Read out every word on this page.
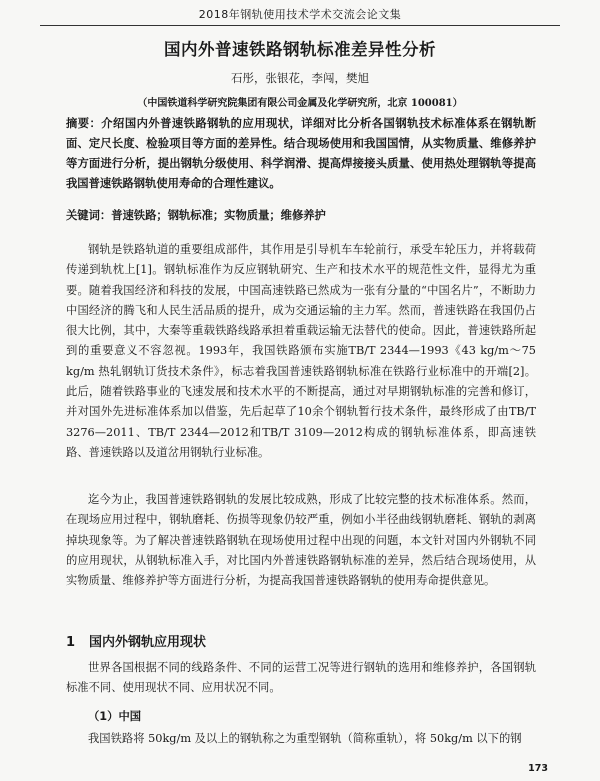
2018年钢轨使用技术学术交流会论文集
国内外普速铁路钢轨标准差异性分析
石彤，张银花，李闯，樊旭
（中国铁道科学研究院集团有限公司金属及化学研究所，北京 100081）
摘要：介绍国内外普速铁路钢轨的应用现状，详细对比分析各国钢轨技术标准体系在钢轨断面、定尺长度、检验项目等方面的差异性。结合现场使用和我国国情，从实物质量、维修养护等方面进行分析，提出钢轨分级使用、科学润滑、提高焊接接头质量、使用热处理钢轨等提高我国普速铁路钢轨使用寿命的合理性建议。
关键词：普速铁路；钢轨标准；实物质量；维修养护

钢轨是铁路轨道的重要组成部件，其作用是引导机车车轮前行，承受车轮压力，并将载荷传递到轨枕上[1]。钢轨标准作为反应钢轨研究、生产和技术水平的规范性文件，显得尤为重要。随着我国经济和科技的发展，中国高速铁路已然成为一张有分量的“中国名片”，不断助力中国经济的腾飞和人民生活品质的提升，成为交通运输的主力军。然而，普速铁路在我国仍占很大比例，其中，大秦等重载铁路线路承担着重载运输无法替代的使命。因此，普速铁路所起到的重要意义不容忽视。1993年，我国铁路颁布实施TB/T 2344—1993《43 kg/m～75 kg/m 热轧钢轨订货技术条件》，标志着我国普速铁路钢轨标准在铁路行业标准中的开端[2]。此后，随着铁路事业的飞速发展和技术水平的不断提高，通过对早期钢轨标准的完善和修订，并对国外先进标准体系加以借鉴，先后起草了10余个钢轨暂行技术条件，最终形成了由TB/T 3276—2011、TB/T 2344—2012和TB/T 3109—2012构成的钢轨标准体系，即高速铁路、普速铁路以及道岔用钢轨行业标准。

迄今为止，我国普速铁路钢轨的发展比较成熟，形成了比较完整的技术标准体系。然而，在现场应用过程中，钢轨磨耗、伤损等现象仍较严重，例如小半径曲线钢轨磨耗、钢轨的剥离掉块现象等。为了解决普速铁路钢轨在现场使用过程中出现的问题，本文针对国内外钢轨不同的应用现状，从钢轨标准入手，对比国内外普速铁路钢轨标准的差异，然后结合现场使用，从实物质量、维修养护等方面进行分析，为提高我国普速铁路钢轨的使用寿命提供意见。

1 国内外钢轨应用现状

世界各国根据不同的线路条件、不同的运营工况等进行钢轨的选用和维修养护，各国钢轨标准不同、使用现状不同、应用状况不同。

（1）中国

我国铁路将 50kg/m 及以上的钢轨称之为重型钢轨（简称重轨），将 50kg/m 以下的钢

173
